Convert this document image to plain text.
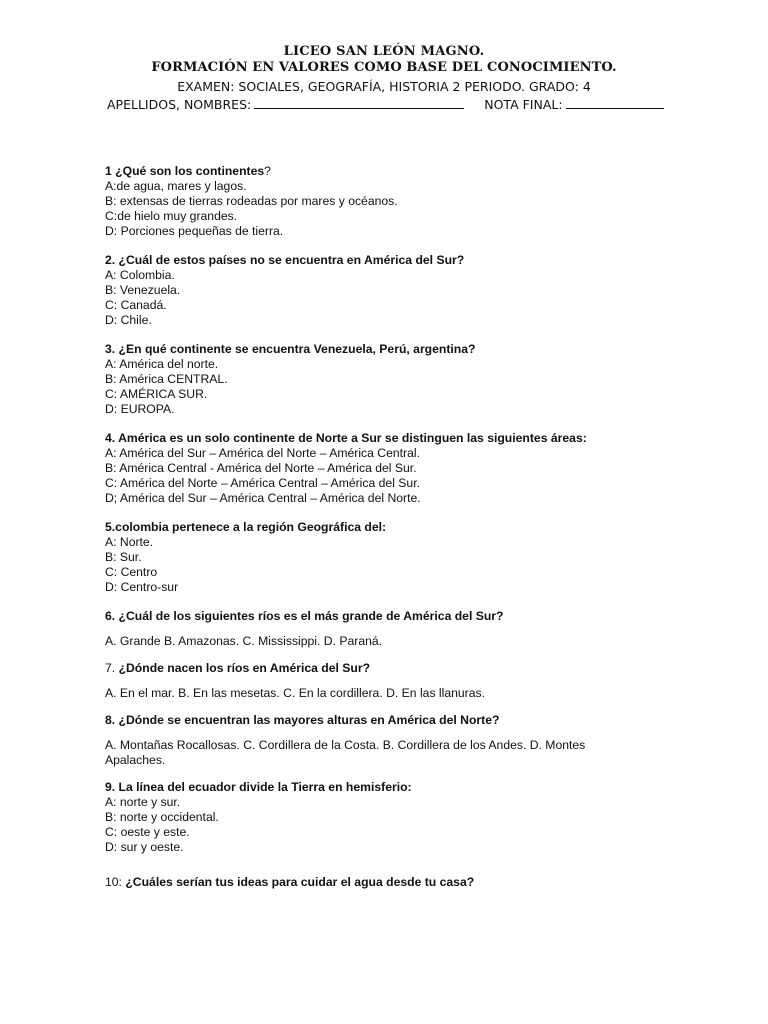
LICEO SAN LEÓN MAGNO.
FORMACIÓN EN VALORES COMO BASE DEL CONOCIMIENTO.
EXAMEN: SOCIALES, GEOGRAFÍA, HISTORIA 2 PERIODO. GRADO: 4
APELLIDOS, NOMBRES:	NOTA FINAL:
1 ¿Qué son los continentes?
A:de agua, mares y lagos.
B: extensas de tierras rodeadas por mares y océanos.
C:de hielo muy grandes.
D: Porciones pequeñas de tierra.
2. ¿Cuál de estos países no se encuentra en América del Sur?
A: Colombia.
B: Venezuela.
C: Canadá.
D: Chile.
3. ¿En qué continente se encuentra Venezuela, Perú, argentina?
A: América del norte.
B: América CENTRAL.
C: AMÉRICA SUR.
D: EUROPA.
4. América es un solo continente de Norte a Sur se distinguen las siguientes áreas:
A: América del Sur – América del Norte – América Central.
B: América Central - América del Norte – América del Sur.
C: América del Norte – América Central – América del Sur.
D; América del Sur – América Central – América del Norte.
5.colombia pertenece a la región Geográfica del:
A: Norte.
B: Sur.
C: Centro
D: Centro-sur
6. ¿Cuál de los siguientes ríos es el más grande de América del Sur?
A. Grande B. Amazonas. C. Mississippi. D. Paraná.
7. ¿Dónde nacen los ríos en América del Sur?
A. En el mar. B. En las mesetas. C. En la cordillera. D. En las llanuras.
8. ¿Dónde se encuentran las mayores alturas en América del Norte?
A. Montañas Rocallosas. C. Cordillera de la Costa. B. Cordillera de los Andes. D. Montes Apalaches.
9. La línea del ecuador divide la Tierra en hemisferio:
A: norte y sur.
B: norte y occidental.
C: oeste y este.
D: sur y oeste.
10: ¿Cuáles serían tus ideas para cuidar el agua desde tu casa?
